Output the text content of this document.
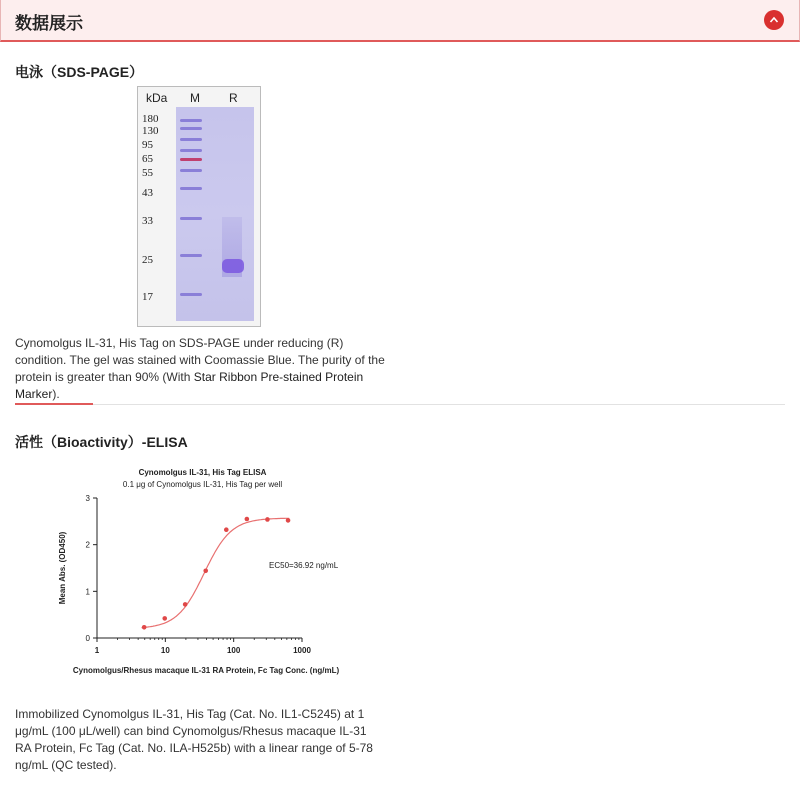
数据展示
电泳（SDS-PAGE）
kDa M R
180
130
95
65
55
43
33
25
17
Cynomolgus IL-31, His Tag on SDS-PAGE under reducing (R) condition. The gel was stained with Coomassie Blue. The purity of the protein is greater than 90% (With Star Ribbon Pre-stained Protein Marker).
活性（Bioactivity）-ELISA
Cynomolgus IL-31, His Tag ELISA
0.1 μg of Cynomolgus IL-31, His Tag per well
0
1
2
3
1	10	100	1000
EC50=36.92 ng/mL
Mean Abs. (OD450)
Cynomolgus/Rhesus macaque IL-31 RA Protein, Fc Tag Conc. (ng/mL)
Immobilized Cynomolgus IL-31, His Tag (Cat. No. IL1-C5245) at 1 μg/mL (100 μL/well) can bind Cynomolgus/Rhesus macaque IL-31 RA Protein, Fc Tag (Cat. No. ILA-H525b) with a linear range of 5-78 ng/mL (QC tested).
